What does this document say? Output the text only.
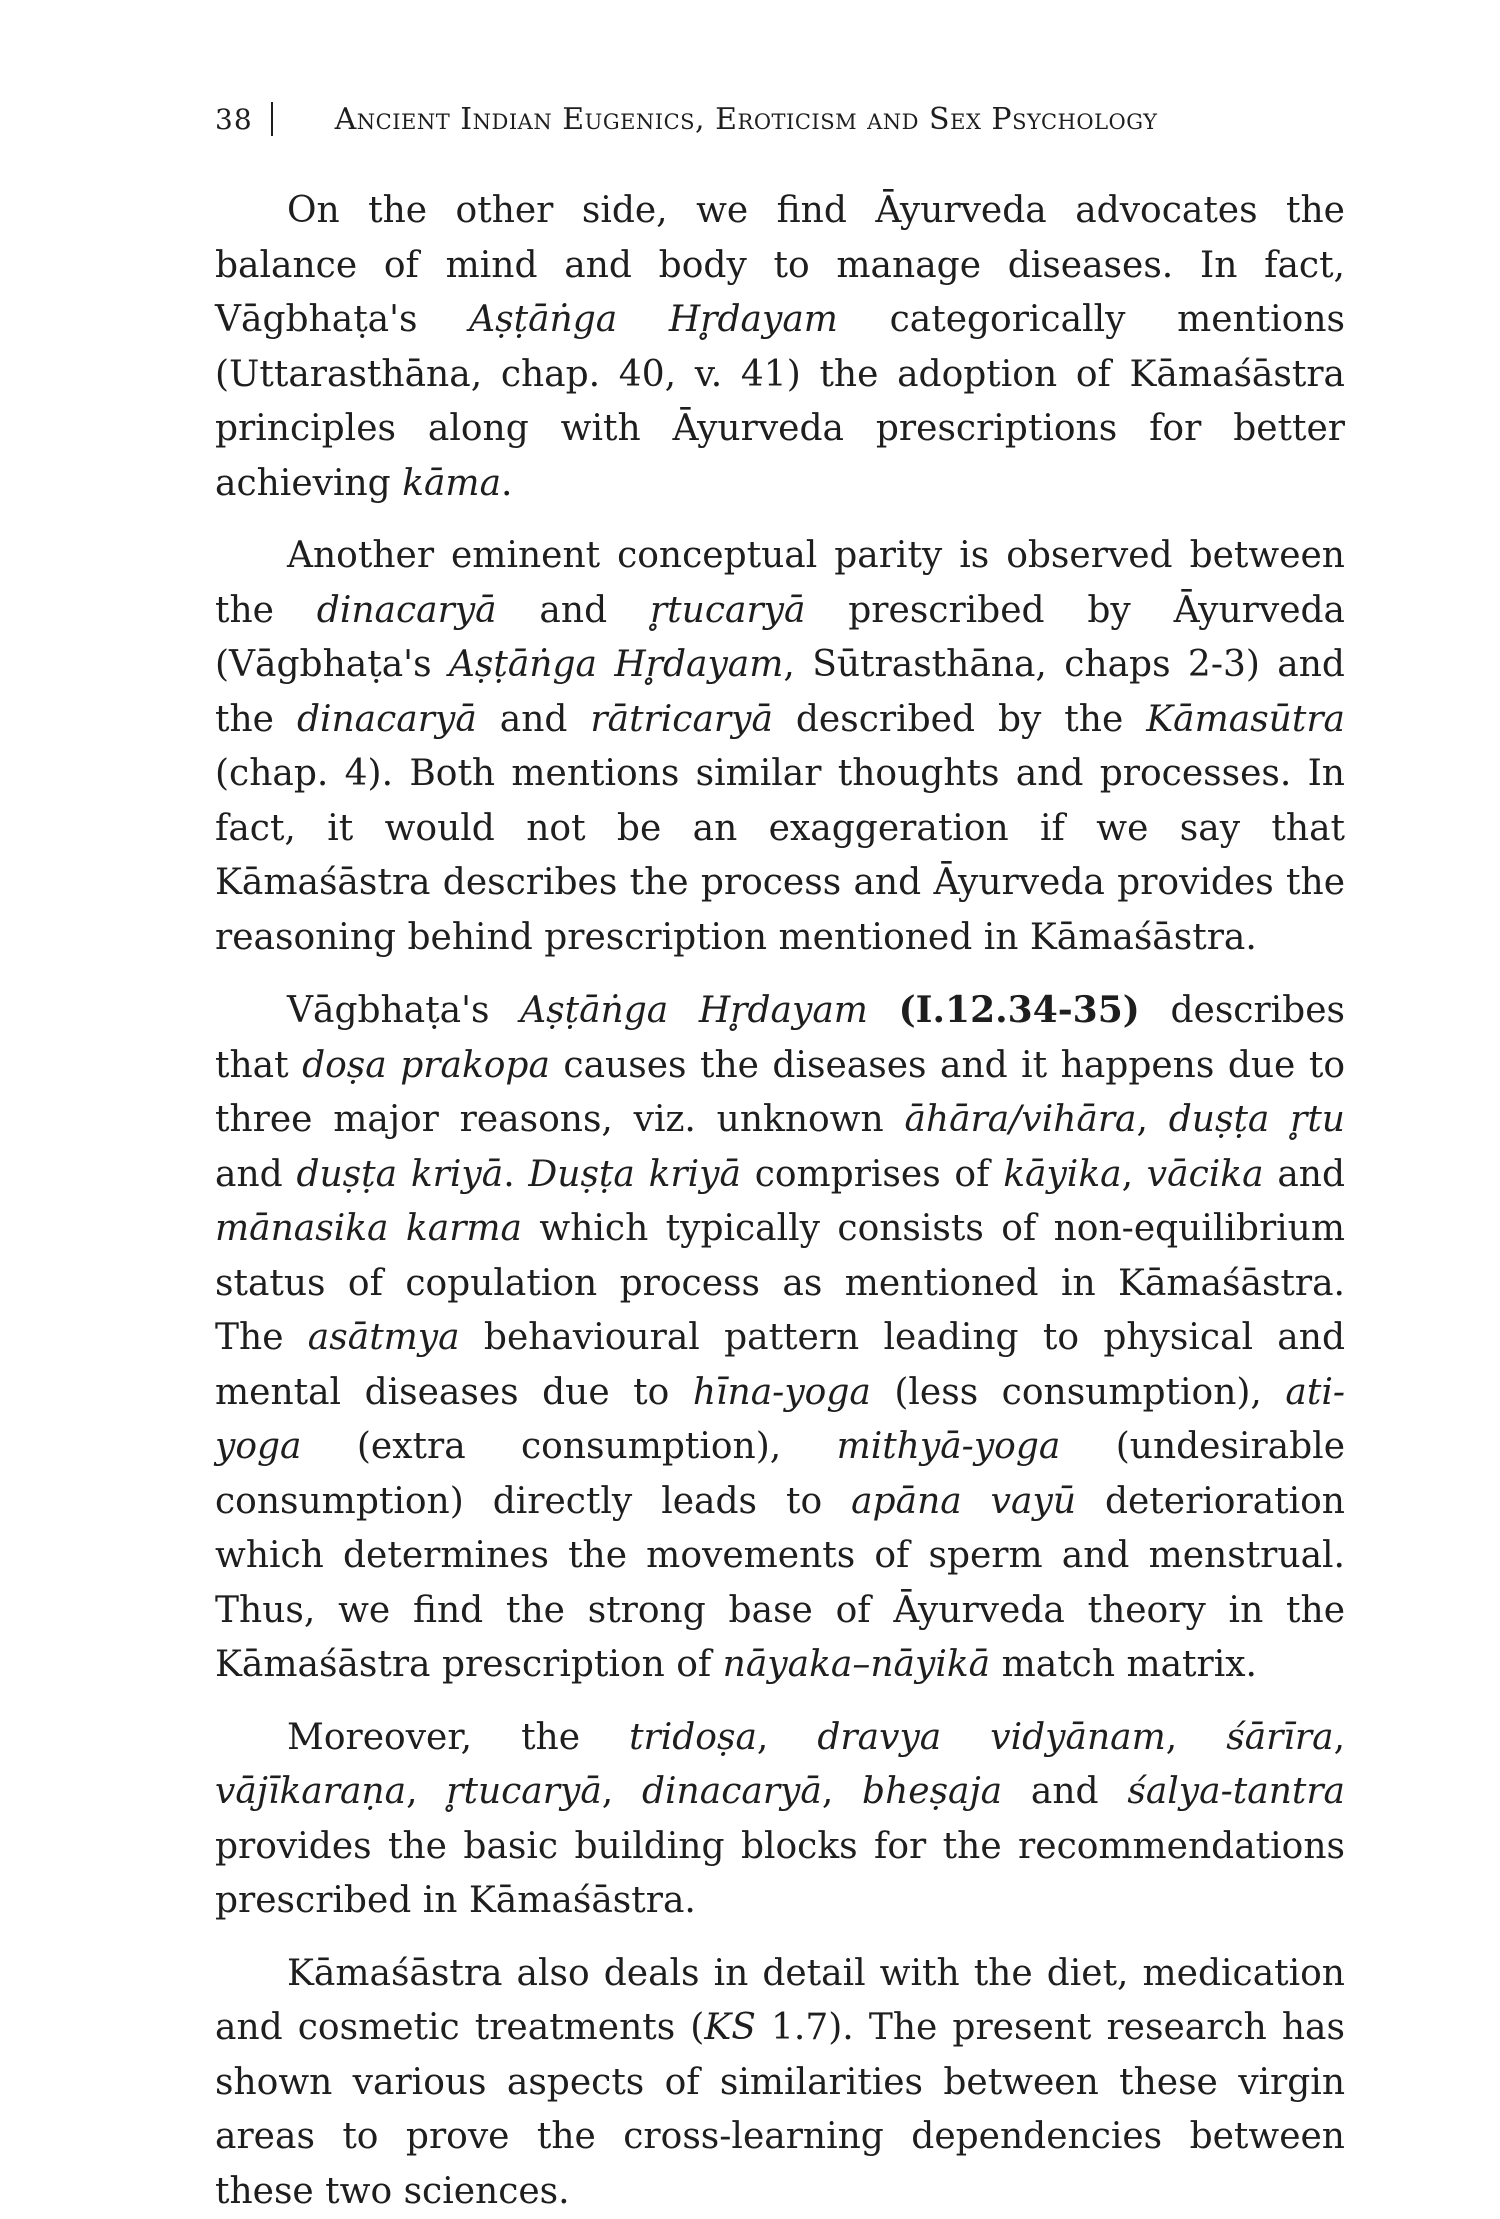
38	Ancient Indian Eugenics, Eroticism and Sex Psychology

On the other side, we find Āyurveda advocates the balance of mind and body to manage diseases. In fact, Vāgbhaṭa's Aṣṭāṅga Hr̥dayam categorically mentions (Uttarasthāna, chap. 40, v. 41) the adoption of Kāmaśāstra principles along with Āyurveda prescriptions for better achieving kāma.

Another eminent conceptual parity is observed between the dinacaryā and r̥tucaryā prescribed by Āyurveda (Vāgbhaṭa's Aṣṭāṅga Hr̥dayam, Sūtrasthāna, chaps 2-3) and the dinacaryā and rātricaryā described by the Kāmasūtra (chap. 4). Both mentions similar thoughts and processes. In fact, it would not be an exaggeration if we say that Kāmaśāstra describes the process and Āyurveda provides the reasoning behind prescription mentioned in Kāmaśāstra.

Vāgbhaṭa's Aṣṭāṅga Hr̥dayam (I.12.34-35) describes that doṣa prakopa causes the diseases and it happens due to three major reasons, viz. unknown āhāra/vihāra, duṣṭa r̥tu and duṣṭa kriyā. Duṣṭa kriyā comprises of kāyika, vācika and mānasika karma which typically consists of non-equilibrium status of copulation process as mentioned in Kāmaśāstra. The asātmya behavioural pattern leading to physical and mental diseases due to hīna-yoga (less consumption), ati-yoga (extra consumption), mithyā-yoga (undesirable consumption) directly leads to apāna vayū deterioration which determines the movements of sperm and menstrual. Thus, we find the strong base of Āyurveda theory in the Kāmaśāstra prescription of nāyaka–nāyikā match matrix.

Moreover, the tridoṣa, dravya vidyānam, śārīra, vājīkaraṇa, r̥tucaryā, dinacaryā, bheṣaja and śalya-tantra provides the basic building blocks for the recommendations prescribed in Kāmaśāstra.

Kāmaśāstra also deals in detail with the diet, medication and cosmetic treatments (KS 1.7). The present research has shown various aspects of similarities between these virgin areas to prove the cross-learning dependencies between these two sciences.
